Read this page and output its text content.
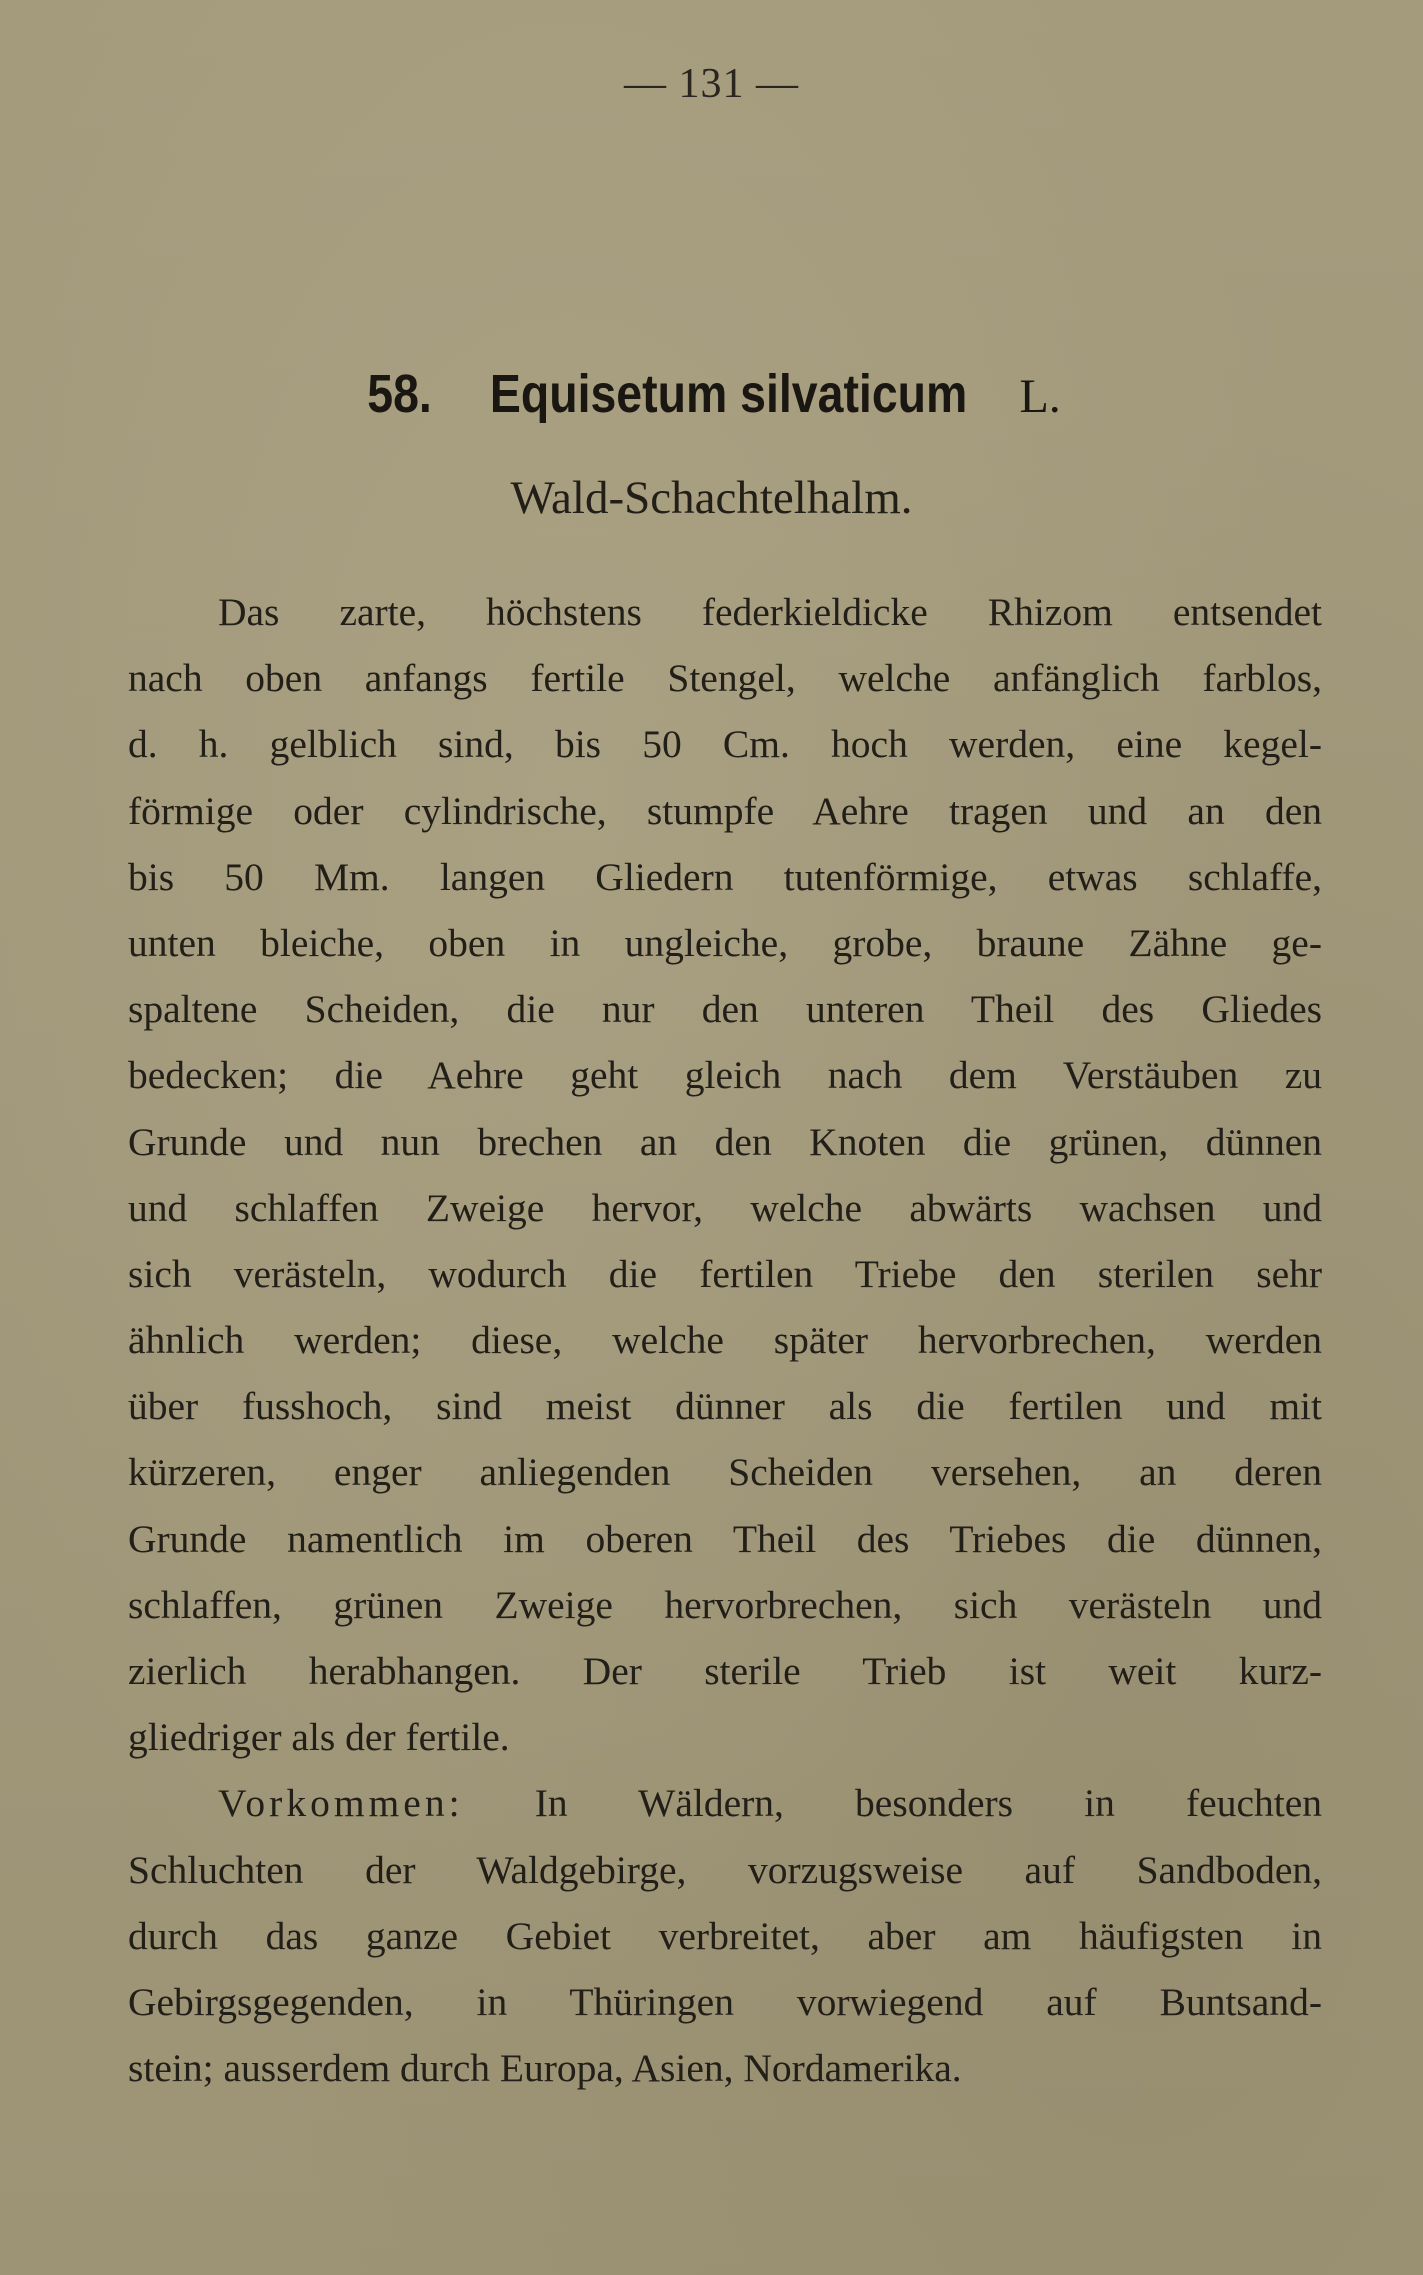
— 131 —
58. Equisetum silvaticum L.
Wald-Schachtelhalm.
Das zarte, höchstens federkieldicke Rhizom entsendet
nach oben anfangs fertile Stengel, welche anfänglich farblos,
d. h. gelblich sind, bis 50 Cm. hoch werden, eine kegel-
förmige oder cylindrische, stumpfe Aehre tragen und an den
bis 50 Mm. langen Gliedern tutenförmige, etwas schlaffe,
unten bleiche, oben in ungleiche, grobe, braune Zähne ge-
spaltene Scheiden, die nur den unteren Theil des Gliedes
bedecken; die Aehre geht gleich nach dem Verstäuben zu
Grunde und nun brechen an den Knoten die grünen, dünnen
und schlaffen Zweige hervor, welche abwärts wachsen und
sich verästeln, wodurch die fertilen Triebe den sterilen sehr
ähnlich werden; diese, welche später hervorbrechen, werden
über fusshoch, sind meist dünner als die fertilen und mit
kürzeren, enger anliegenden Scheiden versehen, an deren
Grunde namentlich im oberen Theil des Triebes die dünnen,
schlaffen, grünen Zweige hervorbrechen, sich verästeln und
zierlich herabhangen. Der sterile Trieb ist weit kurz-
gliedriger als der fertile.
Vorkommen: In Wäldern, besonders in feuchten
Schluchten der Waldgebirge, vorzugsweise auf Sandboden,
durch das ganze Gebiet verbreitet, aber am häufigsten in
Gebirgsgegenden, in Thüringen vorwiegend auf Buntsand-
stein; ausserdem durch Europa, Asien, Nordamerika.
